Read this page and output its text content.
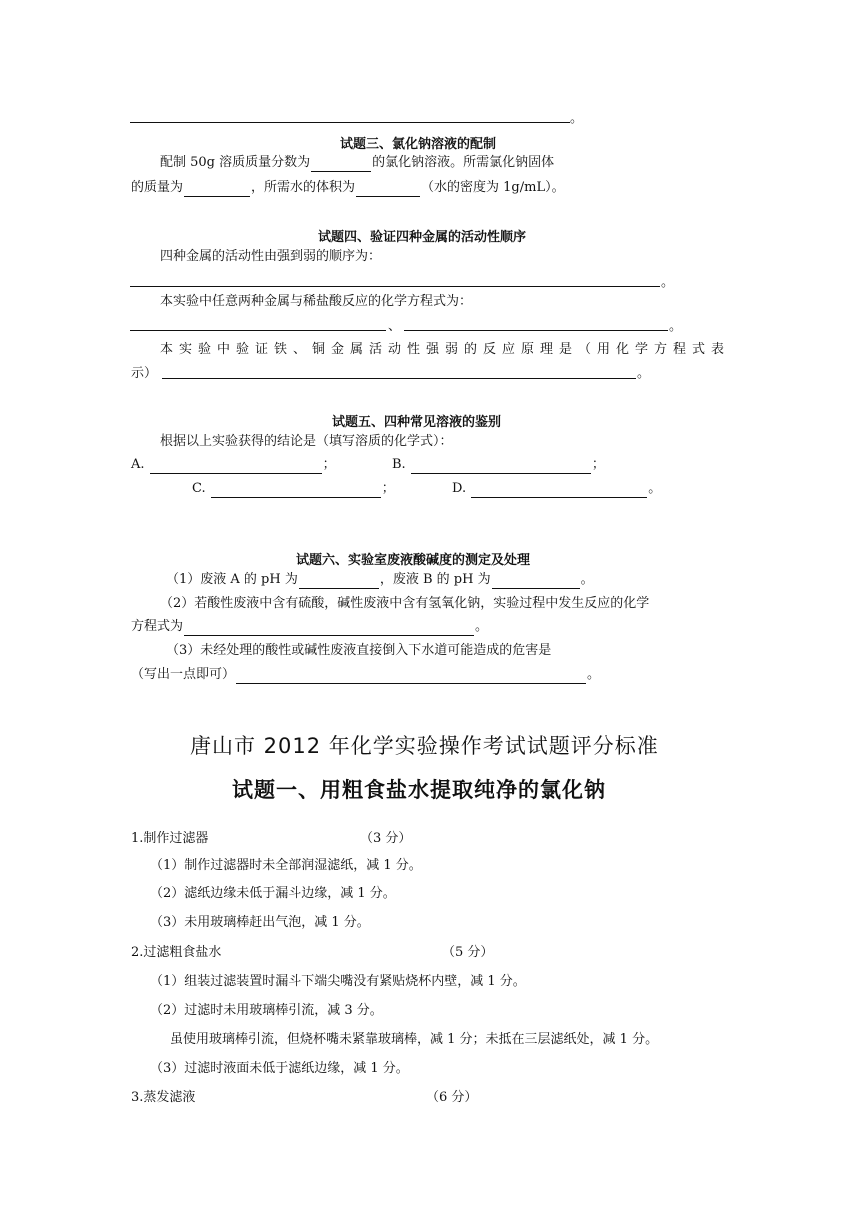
。
试题三、氯化钠溶液的配制
配制 50g 溶质质量分数为	的氯化钠溶液。所需氯化钠固体
的质量为	，所需水的体积为	（水的密度为 1g/mL）。
试题四、验证四种金属的活动性顺序
四种金属的活动性由强到弱的顺序为：
。
本实验中任意两种金属与稀盐酸反应的化学方程式为：
、	。
本实验中验证铁、铜金属活动性强弱的反应原理是（用化学方程式表
示）	。
试题五、四种常见溶液的鉴别
根据以上实验获得的结论是（填写溶质的化学式）：
A.	；	B.	；
C.	；	D.	。
试题六、实验室废液酸碱度的测定及处理
（1）废液 A 的 pH 为	，废液 B 的 pH 为	。
（2）若酸性废液中含有硫酸，碱性废液中含有氢氧化钠，实验过程中发生反应的化学
方程式为	。
（3）未经处理的酸性或碱性废液直接倒入下水道可能造成的危害是
（写出一点即可）	。
唐山市 2012 年化学实验操作考试试题评分标准
试题一、用粗食盐水提取纯净的氯化钠
1.制作过滤器	（3 分）
（1）制作过滤器时未全部润湿滤纸，减 1 分。
（2）滤纸边缘未低于漏斗边缘，减 1 分。
（3）未用玻璃棒赶出气泡，减 1 分。
2.过滤粗食盐水	（5 分）
（1）组装过滤装置时漏斗下端尖嘴没有紧贴烧杯内壁，减 1 分。
（2）过滤时未用玻璃棒引流，减 3 分。
虽使用玻璃棒引流，但烧杯嘴未紧靠玻璃棒，减 1 分；未抵在三层滤纸处，减 1 分。
（3）过滤时液面未低于滤纸边缘，减 1 分。
3.蒸发滤液	（6 分）
